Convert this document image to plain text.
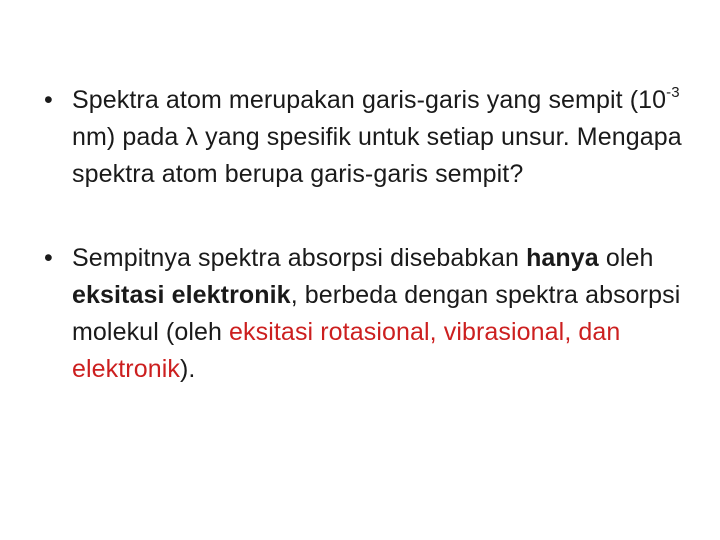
• Spektra atom merupakan garis-garis yang sempit ($10^{-3}$ nm) pada λ yang spesifik untuk setiap unsur. Mengapa spektra atom berupa garis-garis sempit?
• Sempitnya spektra absorpsi disebabkan hanya oleh eksitasi elektronik, berbeda dengan spektra absorpsi molekul (oleh eksitasi rotasional, vibrasional, dan elektronik).
